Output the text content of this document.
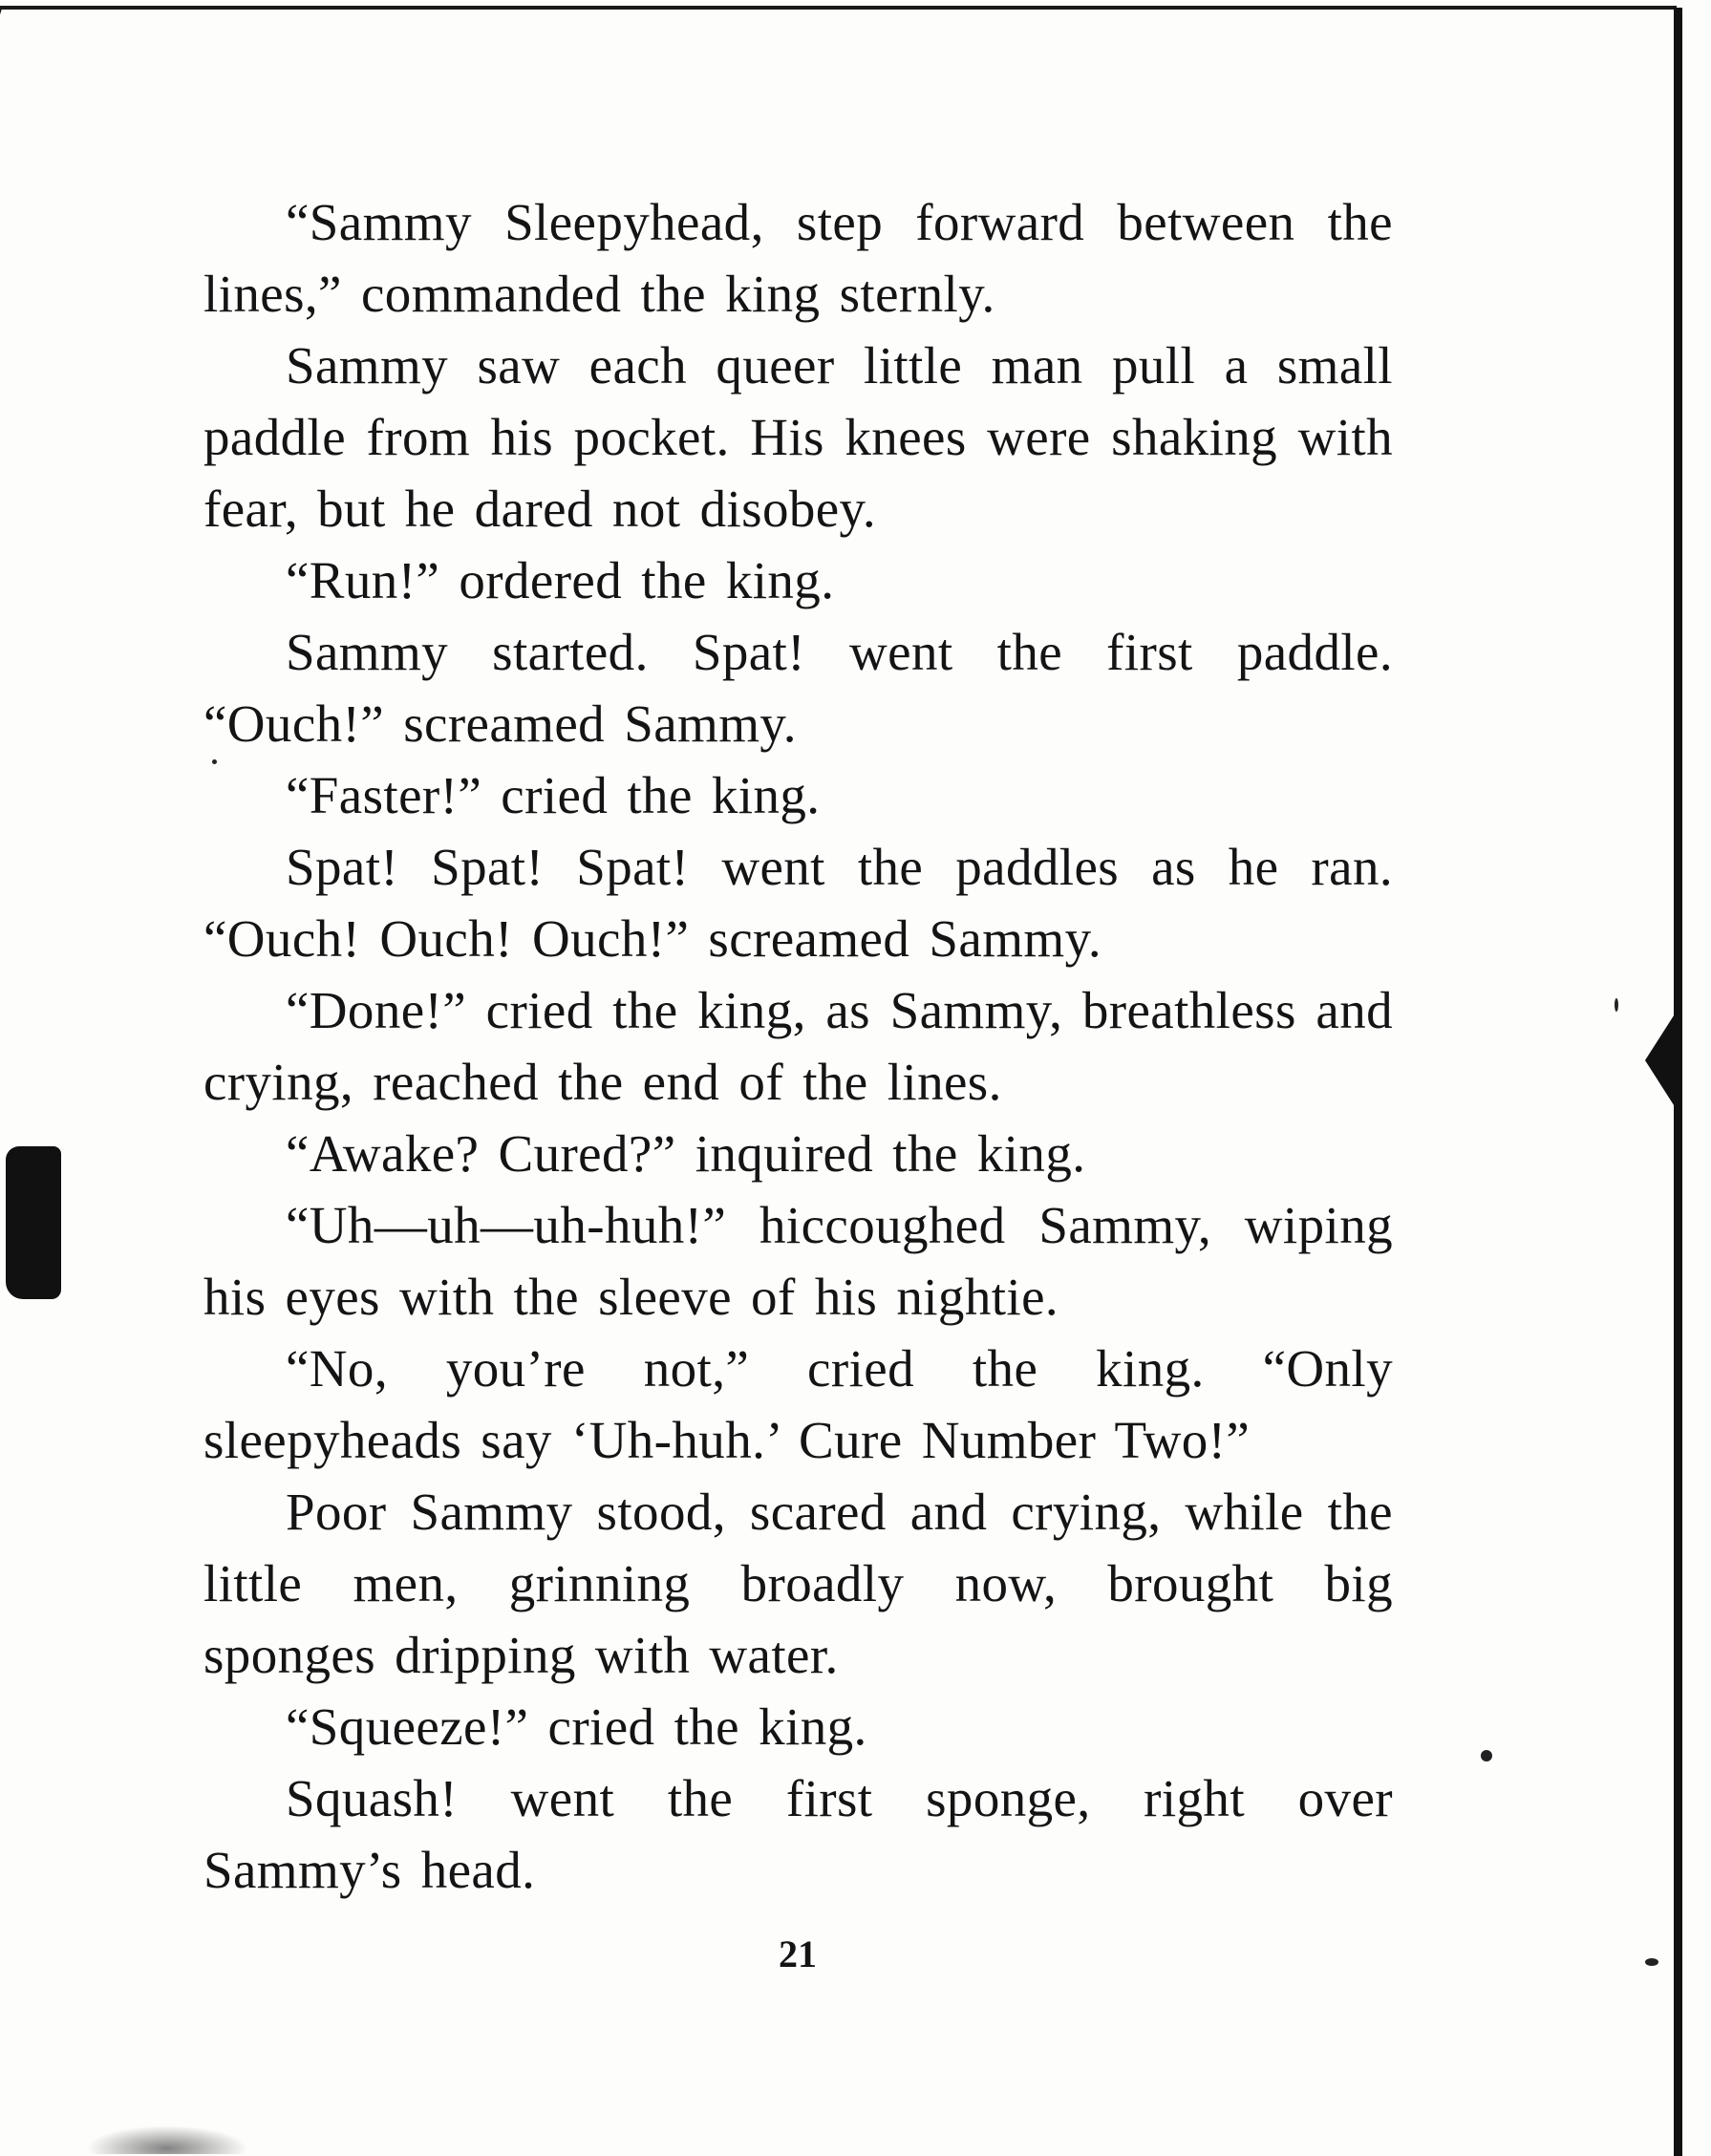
“Sammy Sleepyhead, step forward between the lines,” commanded the king sternly.

Sammy saw each queer little man pull a small paddle from his pocket. His knees were shaking with fear, but he dared not disobey.

“Run!” ordered the king.

Sammy started. Spat! went the first paddle. “Ouch!” screamed Sammy.

“Faster!” cried the king.

Spat! Spat! Spat! went the paddles as he ran. “Ouch! Ouch! Ouch!” screamed Sammy.

“Done!” cried the king, as Sammy, breathless and crying, reached the end of the lines.

“Awake? Cured?” inquired the king.

“Uh—uh—uh-huh!” hiccoughed Sammy, wiping his eyes with the sleeve of his nightie.

“No, you’re not,” cried the king. “Only sleepyheads say ‘Uh-huh.’ Cure Number Two!”

Poor Sammy stood, scared and crying, while the little men, grinning broadly now, brought big sponges dripping with water.

“Squeeze!” cried the king.

Squash! went the first sponge, right over Sammy’s head.

21
